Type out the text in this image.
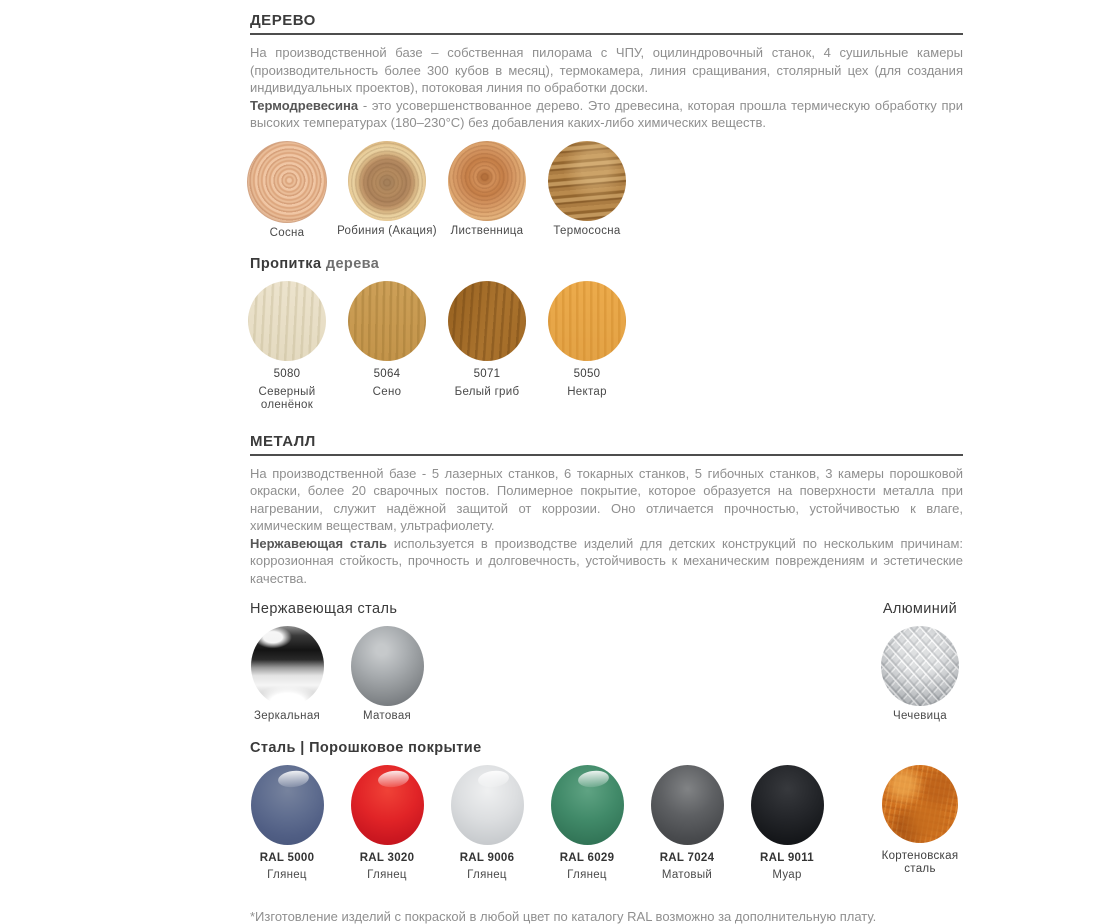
ДЕРЕВО

На производственной базе – собственная пилорама с ЧПУ, оцилиндровочный станок, 4 сушильные камеры (производительность более 300 кубов в месяц), термокамера, линия сращивания, столярный цех (для создания индивидуальных проектов), потоковая линия по обработки доски.

Термодревесина - это усовершенствованное дерево. Это древесина, которая прошла термическую обработку при высоких температурах (180–230°C) без добавления каких-либо химических веществ.

Сосна	Робиния (Акация)	Лиственница	Термососна
Пропитка дерева
5080
Северный оленёнок
5064
Сено
5071
Белый гриб
5050
Нектар
МЕТАЛЛ

На производственной базе - 5 лазерных станков, 6 токарных станков, 5 гибочных станков, 3 камеры порошковой окраски, более 20 сварочных постов. Полимерное покрытие, которое образуется на поверхности металла при нагревании, служит надёжной защитой от коррозии. Оно отличается прочностью, устойчивостью к влаге, химическим веществам, ультрафиолету.

Нержавеющая сталь используется в производстве изделий для детских конструкций по нескольким причинам: коррозионная стойкость, прочность и долговечность, устойчивость к механическим повреждениям и эстетические качества.

Нержавеющая сталь	Алюминий
Зеркальная	Матовая	Чечевица
Сталь | Порошковое покрытие
RAL 5000
Глянец
RAL 3020
Глянец
RAL 9006
Глянец
RAL 6029
Глянец
RAL 7024
Матовый
RAL 9011
Муар
Кортеновская сталь

*Изготовление изделий с покраской в любой цвет по каталогу RAL возможно за дополнительную плату.
